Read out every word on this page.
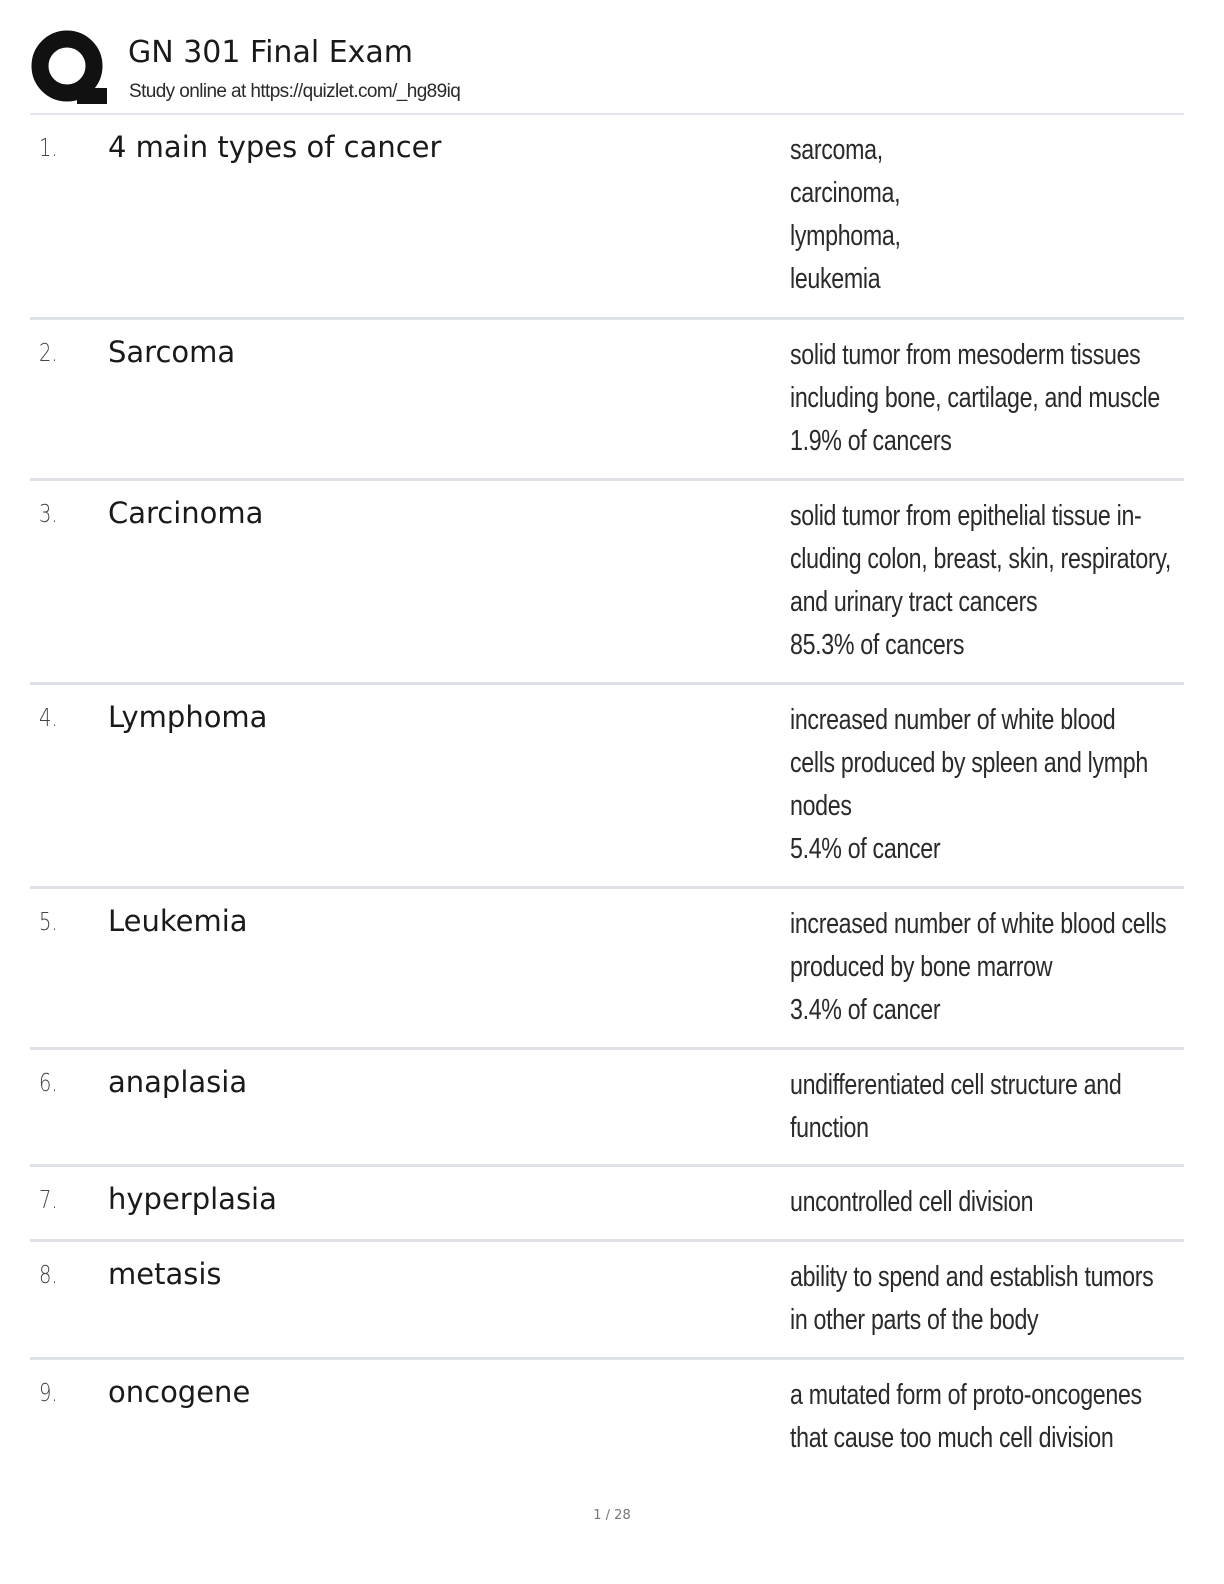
GN 301 Final Exam
Study online at https://quizlet.com/_hg89iq
1. 4 main types of cancer	sarcoma,
carcinoma,
lymphoma,
leukemia
2. Sarcoma	solid tumor from mesoderm tissues
including bone, cartilage, and muscle
1.9% of cancers
3. Carcinoma	solid tumor from epithelial tissue in-
cluding colon, breast, skin, respiratory,
and urinary tract cancers
85.3% of cancers
4. Lymphoma	increased number of white blood
cells produced by spleen and lymph
nodes
5.4% of cancer
5. Leukemia	increased number of white blood cells
produced by bone marrow
3.4% of cancer
6. anaplasia	undifferentiated cell structure and
function
7. hyperplasia	uncontrolled cell division
8. metasis	ability to spend and establish tumors
in other parts of the body
9. oncogene	a mutated form of proto-oncogenes
that cause too much cell division
1 / 28
